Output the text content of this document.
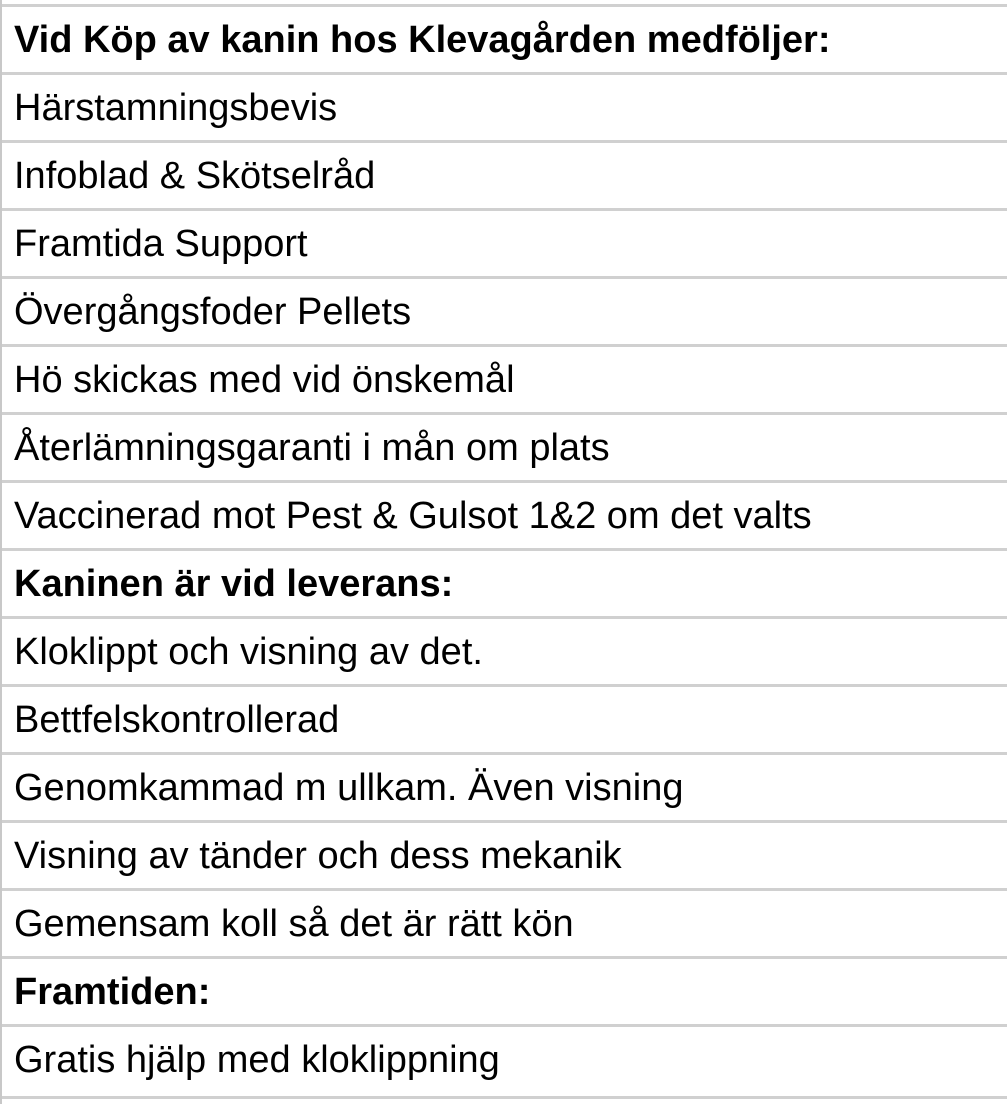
Vid Köp av kanin hos Klevagården medföljer:
Härstamningsbevis
Infoblad & Skötselråd
Framtida Support
Övergångsfoder Pellets
Hö skickas med vid önskemål
Återlämningsgaranti i mån om plats
Vaccinerad mot Pest & Gulsot 1&2 om det valts
Kaninen är vid leverans:
Kloklippt och visning av det.
Bettfelskontrollerad
Genomkammad m ullkam. Även visning
Visning av tänder och dess mekanik
Gemensam koll så det är rätt kön
Framtiden:
Gratis hjälp med kloklippning
